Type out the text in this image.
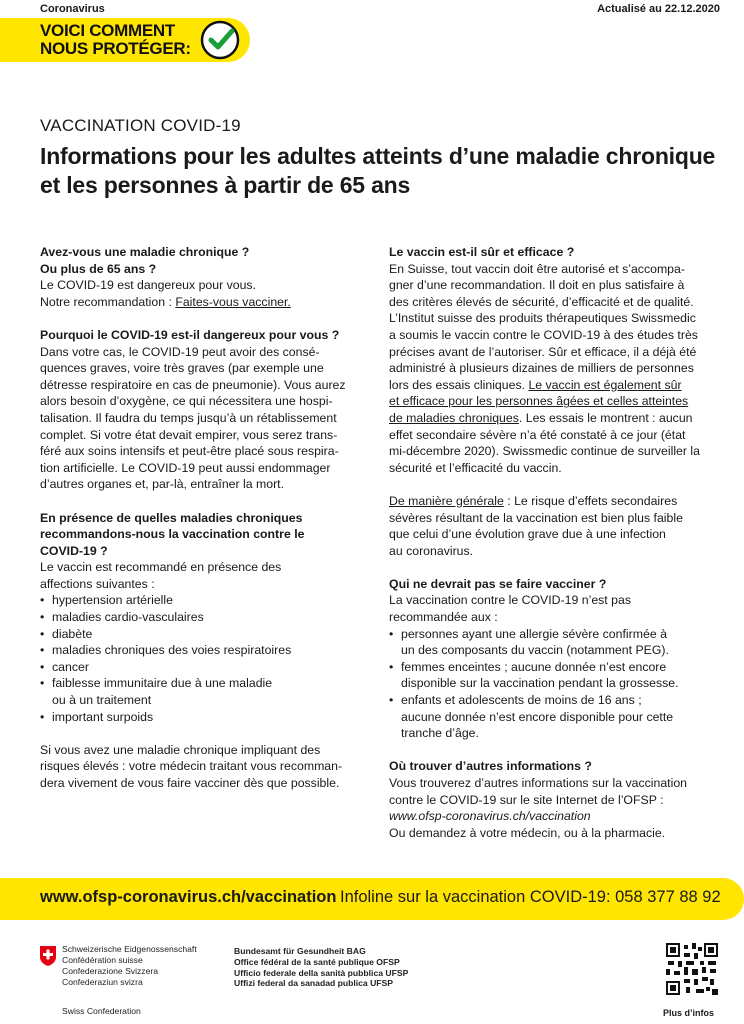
Coronavirus	Actualisé au 22.12.2020
VOICI COMMENT
NOUS PROTÉGER:
VACCINATION COVID-19
Informations pour les adultes atteints d’une maladie chronique et les personnes à partir de 65 ans
Avez-vous une maladie chronique ?
Ou plus de 65 ans ?

Le COVID-19 est dangereux pour vous.

Notre recommandation : Faites-vous vacciner.

Pourquoi le COVID-19 est-il dangereux pour vous ?

Dans votre cas, le COVID-19 peut avoir des consé-

quences graves, voire très graves (par exemple une

détresse respiratoire en cas de pneumonie). Vous aurez

alors besoin d’oxygène, ce qui nécessitera une hospi-

talisation. Il faudra du temps jusqu’à un rétablissement

complet. Si votre état devait empirer, vous serez trans-

féré aux soins intensifs et peut-être placé sous respira-

tion artificielle. Le COVID-19 peut aussi endommager

d’autres organes et, par-là, entraîner la mort.

En présence de quelles maladies chroniques
recommandons-nous la vaccination contre le
COVID-19 ?

Le vaccin est recommandé en présence des

affections suivantes :

• hypertension artérielle
• maladies cardio-vasculaires
• diabète
• maladies chroniques des voies respiratoires
• cancer
• faiblesse immunitaire due à une maladie
ou à un traitement
• important surpoids

Si vous avez une maladie chronique impliquant des

risques élevés : votre médecin traitant vous recomman-

dera vivement de vous faire vacciner dès que possible.

Le vaccin est-il sûr et efficace ?

En Suisse, tout vaccin doit être autorisé et s’accompa-

gner d’une recommandation. Il doit en plus satisfaire à

des critères élevés de sécurité, d’efficacité et de qualité.

L’Institut suisse des produits thérapeutiques Swissmedic

a soumis le vaccin contre le COVID-19 à des études très

précises avant de l’autoriser. Sûr et efficace, il a déjà été

administré à plusieurs dizaines de milliers de personnes

lors des essais cliniques. Le vaccin est également sûr

et efficace pour les personnes âgées et celles atteintes

de maladies chroniques. Les essais le montrent : aucun

effet secondaire sévère n’a été constaté à ce jour (état

mi-décembre 2020). Swissmedic continue de surveiller la

sécurité et l’efficacité du vaccin.

De manière générale : Le risque d’effets secondaires

sévères résultant de la vaccination est bien plus faible

que celui d’une évolution grave due à une infection

au coronavirus.

Qui ne devrait pas se faire vacciner ?

La vaccination contre le COVID-19 n’est pas

recommandée aux :

• personnes ayant une allergie sévère confirmée à
un des composants du vaccin (notamment PEG).
• femmes enceintes ; aucune donnée n’est encore
disponible sur la vaccination pendant la grossesse.
• enfants et adolescents de moins de 16 ans ;
aucune donnée n’est encore disponible pour cette
tranche d’âge.
Où trouver d’autres informations ?

Vous trouverez d’autres informations sur la vaccination

contre le COVID-19 sur le site Internet de l’OFSP :

www.ofsp-coronavirus.ch/vaccination

Ou demandez à votre médecin, ou à la pharmacie.

www.ofsp-coronavirus.ch/vaccination Infoline sur la vaccination COVID-19: 058 377 88 92
Schweizerische Eidgenossenschaft
Confédération suisse
Confederazione Svizzera
Confederaziun svizra
Swiss Confederation
Bundesamt für Gesundheit BAG
Office fédéral de la santé publique OFSP
Ufficio federale della sanità pubblica UFSP
Uffizi federal da sanadad publica UFSP
Plus d’infos
